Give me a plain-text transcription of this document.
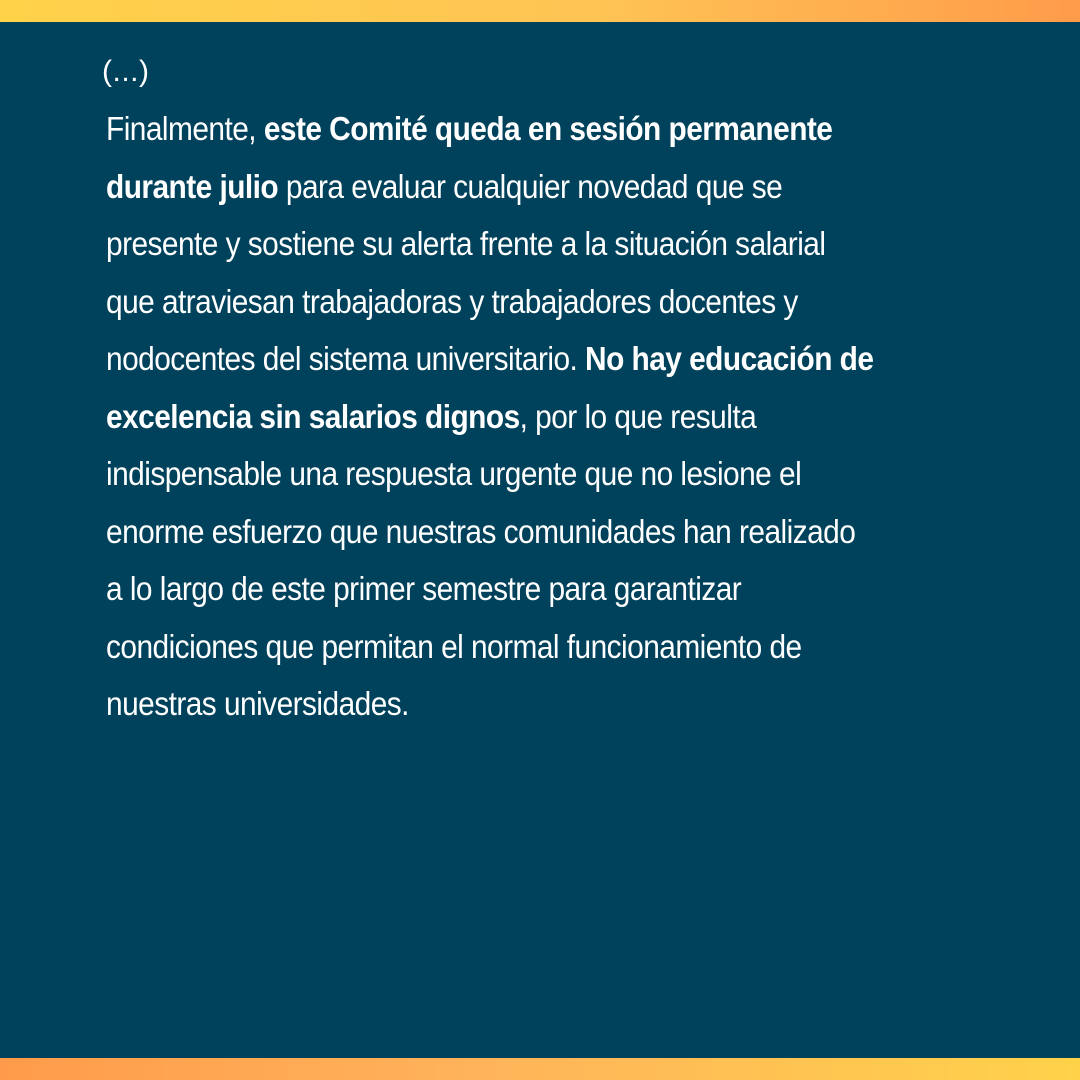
(...)

Finalmente, este Comité queda en sesión permanente
durante julio para evaluar cualquier novedad que se
presente y sostiene su alerta frente a la situación salarial
que atraviesan trabajadoras y trabajadores docentes y
nodocentes del sistema universitario. No hay educación de
excelencia sin salarios dignos, por lo que resulta
indispensable una respuesta urgente que no lesione el
enorme esfuerzo que nuestras comunidades han realizado
a lo largo de este primer semestre para garantizar
condiciones que permitan el normal funcionamiento de
nuestras universidades.
